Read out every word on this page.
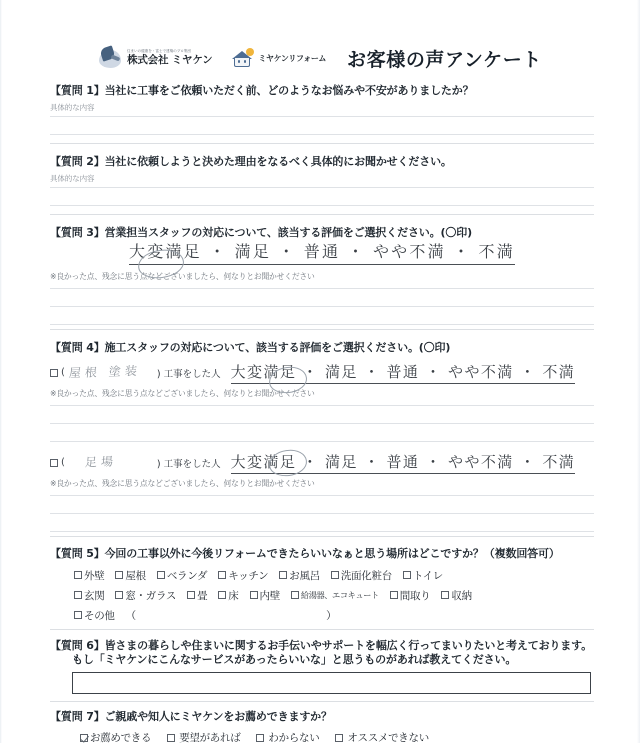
住まいの健康を・富士で建築のプロ集団
株式会社 ミヤケン	ミヤケンリフォーム お客様の声アンケート
【質問 1】当社に工事をご依頼いただく前、どのようなお悩みや不安がありましたか？
具体的な内容
【質問 2】当社に依頼しようと決めた理由をなるべく具体的にお聞かせください。
具体的な内容
【質問 3】営業担当スタッフの対応について、該当する評価をご選択ください。(〇印)
大変満足 ・ 満足 ・ 普通 ・ やや不満 ・ 不満
※良かった点、残念に思う点などございましたら、何なりとお聞かせください
【質問 4】施工スタッフの対応について、該当する評価をご選択ください。(〇印)
( 屋根 塗装 ) 工事をした人 大変満足 ・ 満足 ・ 普通 ・ やや不満 ・ 不満
※良かった点、残念に思う点などございましたら、何なりとお聞かせください
( 足場	) 工事をした人 大変満足 ・ 満足 ・ 普通 ・ やや不満 ・ 不満
※良かった点、残念に思う点などございましたら、何なりとお聞かせください
【質問 5】今回の工事以外に今後リフォームできたらいいなぁと思う場所はどこですか？（複数回答可）
外壁 屋根 ベランダ キッチン お風呂 洗面化粧台 トイレ
玄関 窓・ガラス 畳 床 内壁	給湯器、エコキュート 間取り 収納
その他 （	）
【質問 6】皆さまの暮らしや住まいに関するお手伝いやサポートを幅広く行ってまいりたいと考えております。
もし「ミヤケンにこんなサービスがあったらいいな」と思うものがあれば教えてください。
【質問 7】ご親戚や知人にミヤケンをお薦めできますか？
お薦めできる	要望があれば	わからない	オススメできない
